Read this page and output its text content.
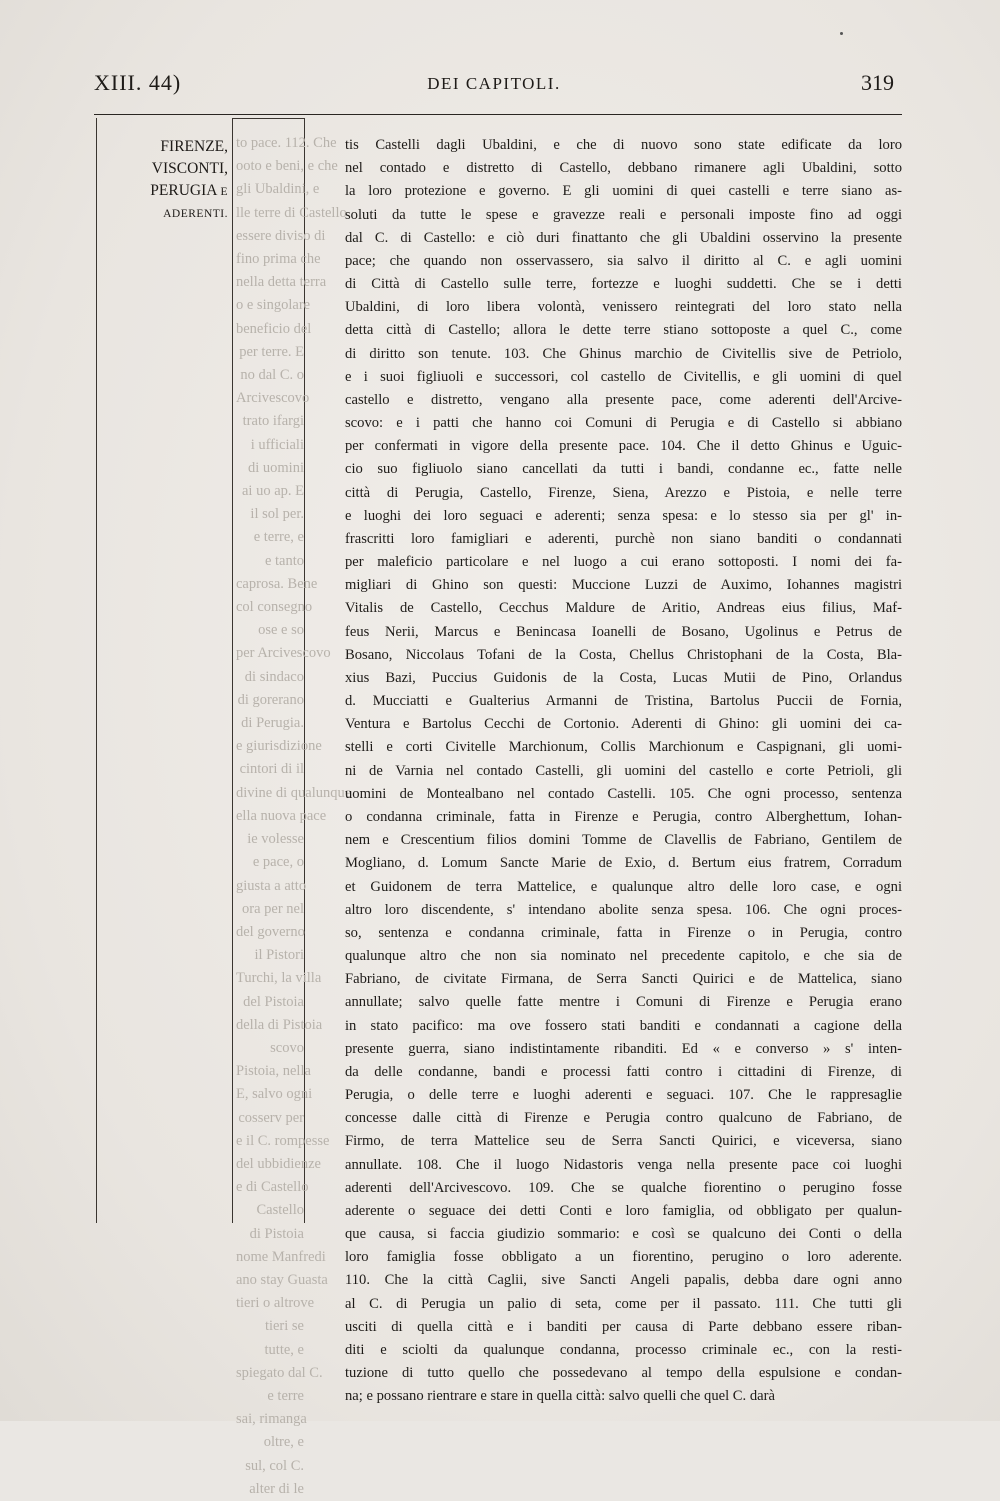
XIII. 44)	DEI CAPITOLI.	319
FIRENZE,
VISCONTI,
PERUGIA E
ADERENTI.
to pace. 112. Che
ooto e beni, e che
gli Ubaldini, e
lle terre di Castello
essere diviso di
fino prima che
nella detta terra
o e singolare
beneficio del
per terre. E
no dal C. o
Arcivescovo
trato ifargi
i ufficiali
di uomini
ai uo ap. E
il sol per.
e terre, e
e tanto
caprosa. Bene
col consegno
ose e so
per Arcivescovo
di sindaco
di gorerano
di Perugia.
e giurisdizione
cintori di il
divine di qualunque
ella nuova pace
ie volesse
e pace, o
giusta a atto
ora per nel
del governo
il Pistori
Turchi, la villa
del Pistoia
della di Pistoia
scovo
Pistoia, nella
E, salvo ogni
cosserv per
e il C. rompesse
del ubbidienze
e di Castello
Castello
di Pistoia
nome Manfredi
ano stay Guasta
tieri o altrove
tieri se
tutte, e
spiegato dal C.
e terre
sai, rimanga
oltre, e
sul, col C.
alter di le
tis Castelli dagli Ubaldini, e che di nuovo sono state edificate da loro
nel contado e distretto di Castello, debbano rimanere agli Ubaldini, sotto
la loro protezione e governo. E gli uomini di quei castelli e terre siano as-
soluti da tutte le spese e gravezze reali e personali imposte fino ad oggi
dal C. di Castello: e ciò duri finattanto che gli Ubaldini osservino la presente
pace; che quando non osservassero, sia salvo il diritto al C. e agli uomini
di Città di Castello sulle terre, fortezze e luoghi suddetti. Che se i detti
Ubaldini, di loro libera volontà, venissero reintegrati del loro stato nella
detta città di Castello; allora le dette terre stiano sottoposte a quel C., come
di diritto son tenute. 103. Che Ghinus marchio de Civitellis sive de Petriolo,
e i suoi figliuoli e successori, col castello de Civitellis, e gli uomini di quel
castello e distretto, vengano alla presente pace, come aderenti dell'Arcive-
scovo: e i patti che hanno coi Comuni di Perugia e di Castello si abbiano
per confermati in vigore della presente pace. 104. Che il detto Ghinus e Uguic-
cio suo figliuolo siano cancellati da tutti i bandi, condanne ec., fatte nelle
città di Perugia, Castello, Firenze, Siena, Arezzo e Pistoia, e nelle terre
e luoghi dei loro seguaci e aderenti; senza spesa: e lo stesso sia per gl' in-
frascritti loro famigliari e aderenti, purchè non siano banditi o condannati
per maleficio particolare e nel luogo a cui erano sottoposti. I nomi dei fa-
migliari di Ghino son questi: Muccione Luzzi de Auximo, Iohannes magistri
Vitalis de Castello, Cecchus Maldure de Aritio, Andreas eius filius, Maf-
feus Nerii, Marcus e Benincasa Ioanelli de Bosano, Ugolinus e Petrus de
Bosano, Niccolaus Tofani de la Costa, Chellus Christophani de la Costa, Bla-
xius Bazi, Puccius Guidonis de la Costa, Lucas Mutii de Pino, Orlandus
d. Mucciatti e Gualterius Armanni de Tristina, Bartolus Puccii de Fornia,
Ventura e Bartolus Cecchi de Cortonio. Aderenti di Ghino: gli uomini dei ca-
stelli e corti Civitelle Marchionum, Collis Marchionum e Caspignani, gli uomi-
ni de Varnia nel contado Castelli, gli uomini del castello e corte Petrioli, gli
uomini de Montealbano nel contado Castelli. 105. Che ogni processo, sentenza
o condanna criminale, fatta in Firenze e Perugia, contro Alberghettum, Iohan-
nem e Crescentium filios domini Tomme de Clavellis de Fabriano, Gentilem de
Mogliano, d. Lomum Sancte Marie de Exio, d. Bertum eius fratrem, Corradum
et Guidonem de terra Mattelice, e qualunque altro delle loro case, e ogni
altro loro discendente, s' intendano abolite senza spesa. 106. Che ogni proces-
so, sentenza e condanna criminale, fatta in Firenze o in Perugia, contro
qualunque altro che non sia nominato nel precedente capitolo, e che sia de
Fabriano, de civitate Firmana, de Serra Sancti Quirici e de Mattelica, siano
annullate; salvo quelle fatte mentre i Comuni di Firenze e Perugia erano
in stato pacifico: ma ove fossero stati banditi e condannati a cagione della
presente guerra, siano indistintamente ribanditi. Ed « e converso » s' inten-
da delle condanne, bandi e processi fatti contro i cittadini di Firenze, di
Perugia, o delle terre e luoghi aderenti e seguaci. 107. Che le rappresaglie
concesse dalle città di Firenze e Perugia contro qualcuno de Fabriano, de
Firmo, de terra Mattelice seu de Serra Sancti Quirici, e viceversa, siano
annullate. 108. Che il luogo Nidastoris venga nella presente pace coi luoghi
aderenti dell'Arcivescovo. 109. Che se qualche fiorentino o perugino fosse
aderente o seguace dei detti Conti e loro famiglia, od obbligato per qualun-
que causa, si faccia giudizio sommario: e così se qualcuno dei Conti o della
loro famiglia fosse obbligato a un fiorentino, perugino o loro aderente.
110. Che la città Caglii, sive Sancti Angeli papalis, debba dare ogni anno
al C. di Perugia un palio di seta, come per il passato. 111. Che tutti gli
usciti di quella città e i banditi per causa di Parte debbano essere riban-
diti e sciolti da qualunque condanna, processo criminale ec., con la resti-
tuzione di tutto quello che possedevano al tempo della espulsione e condan-
na; e possano rientrare e stare in quella città: salvo quelli che quel C. darà
